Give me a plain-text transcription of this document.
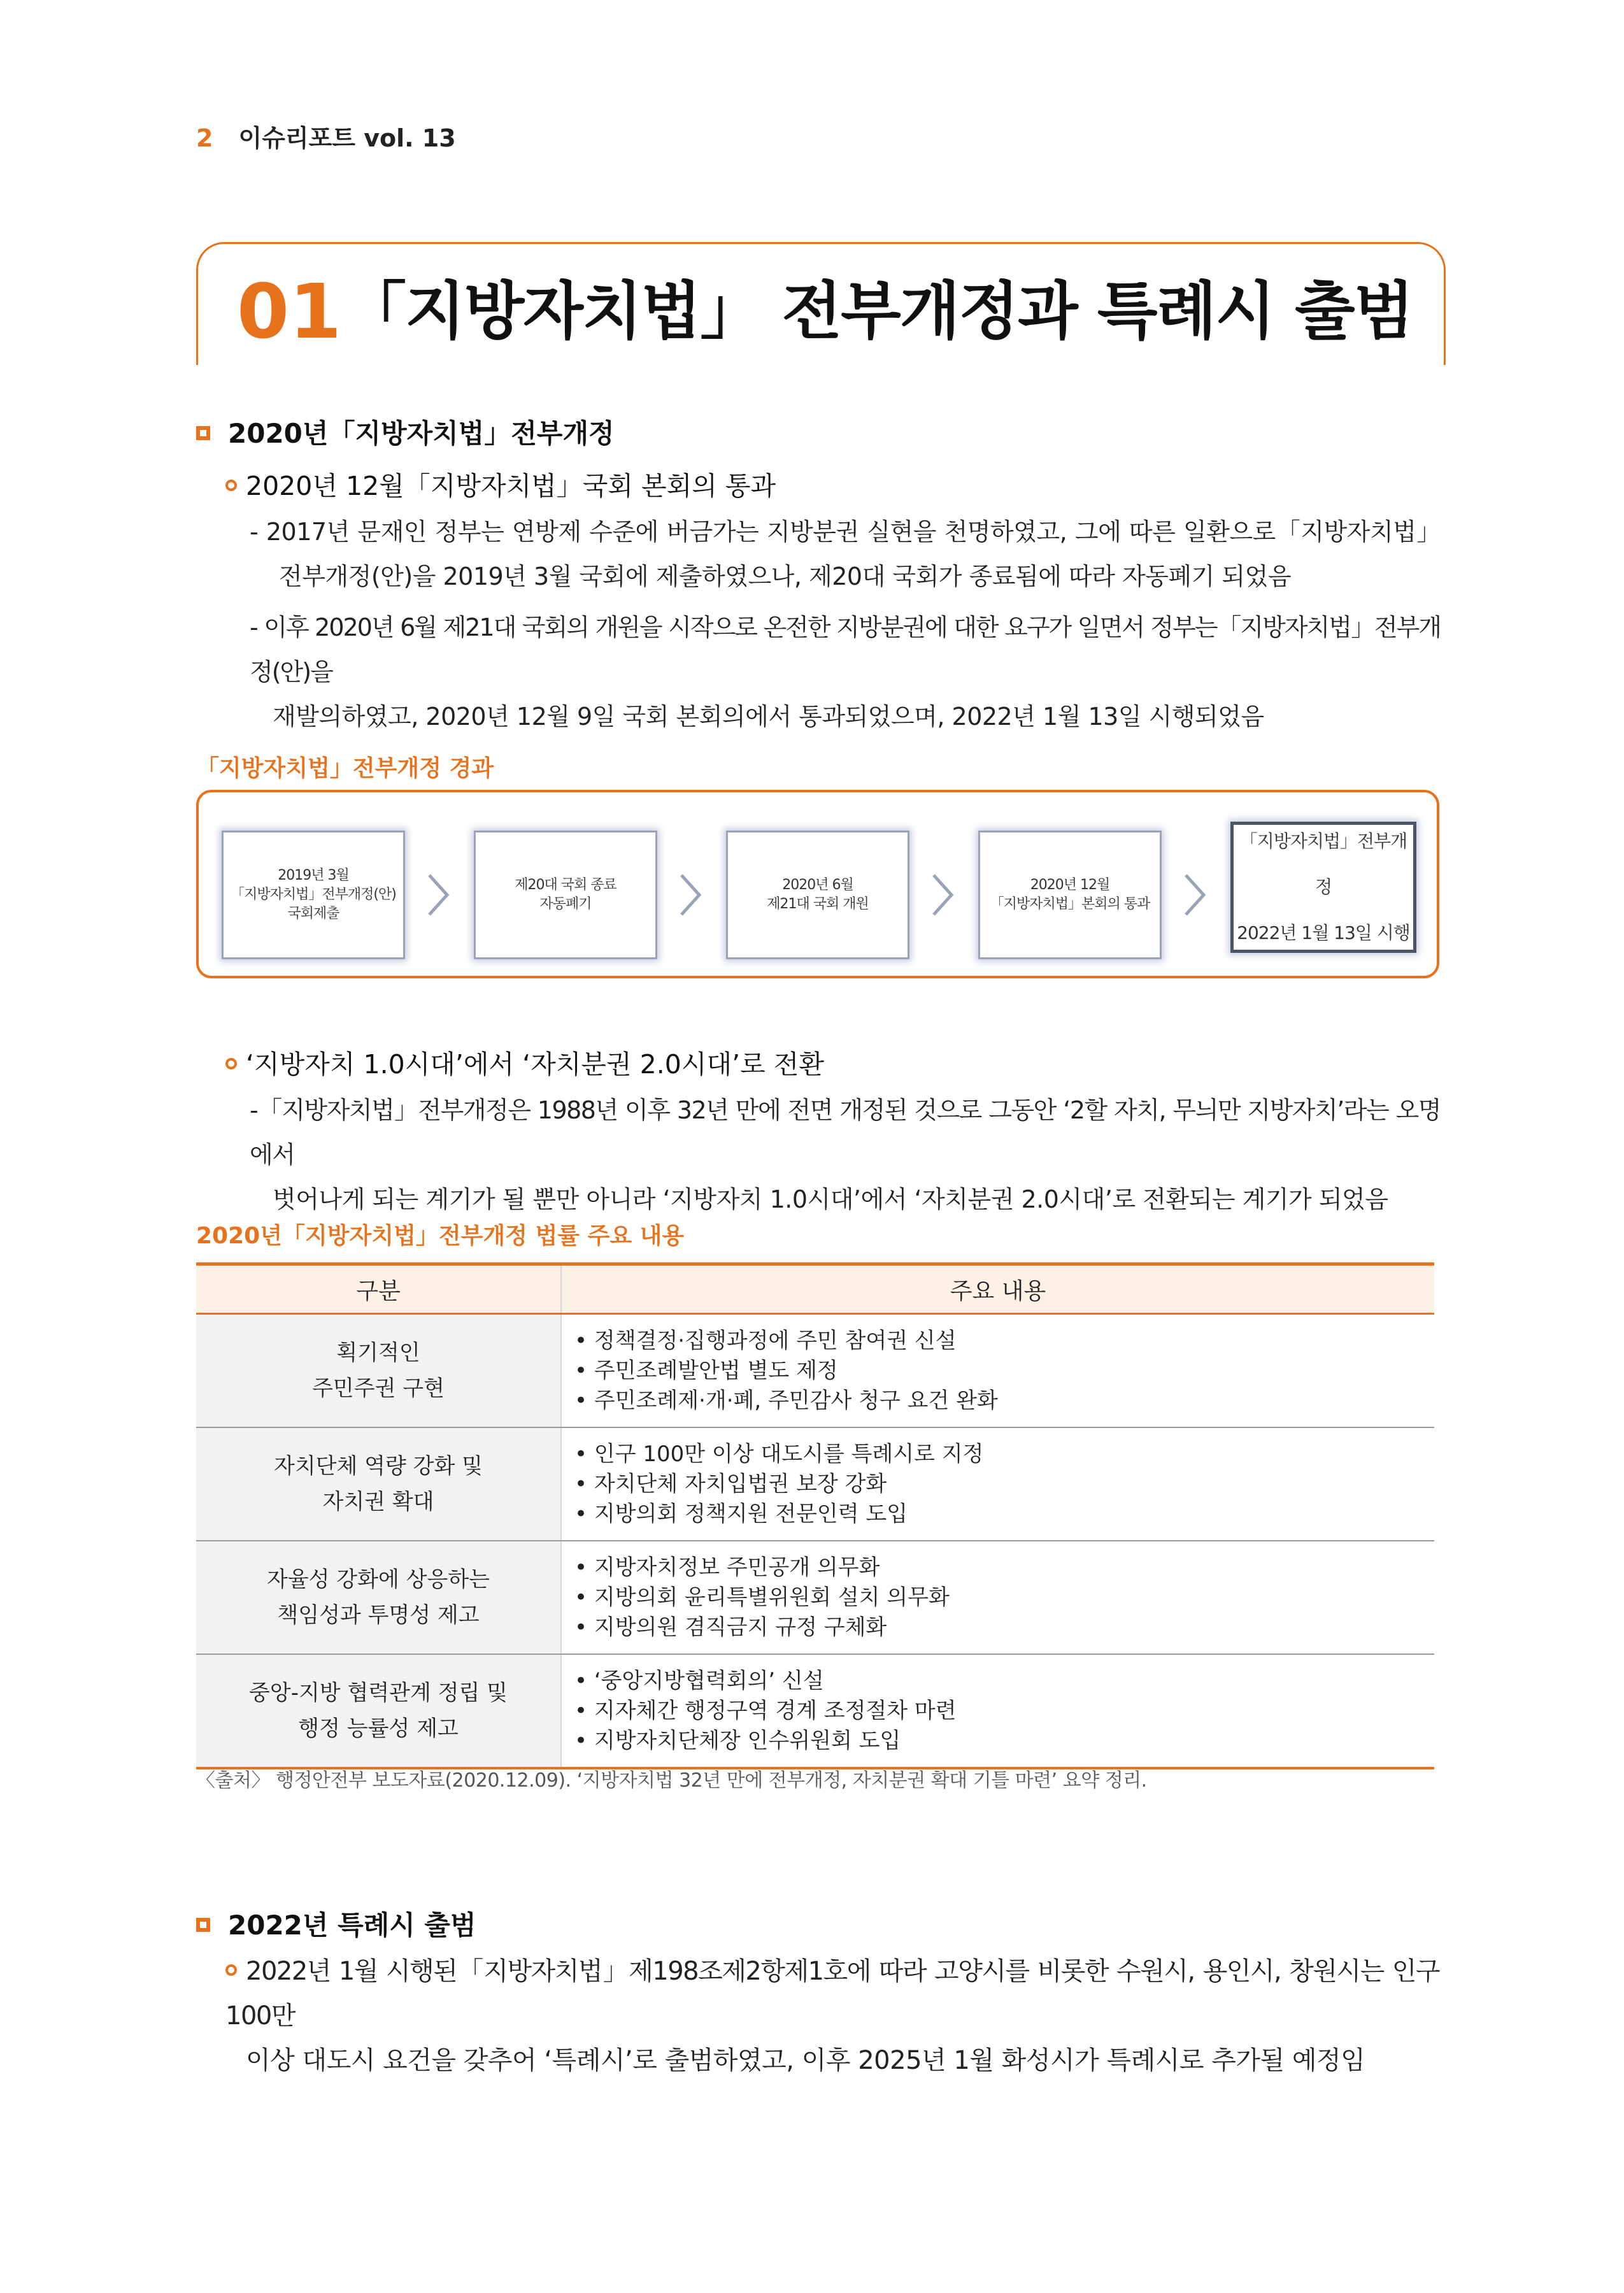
2 이슈리포트 vol. 13
01 「지방자치법」 전부개정과 특례시 출범
2020년「지방자치법」전부개정
2020년 12월「지방자치법」국회 본회의 통과
- 2017년 문재인 정부는 연방제 수준에 버금가는 지방분권 실현을 천명하였고, 그에 따른 일환으로「지방자치법」
전부개정(안)을 2019년 3월 국회에 제출하였으나, 제20대 국회가 종료됨에 따라 자동폐기 되었음
- 이후 2020년 6월 제21대 국회의 개원을 시작으로 온전한 지방분권에 대한 요구가 일면서 정부는「지방자치법」전부개정(안)을
재발의하였고, 2020년 12월 9일 국회 본회의에서 통과되었으며, 2022년 1월 13일 시행되었음
「지방자치법」전부개정 경과
2019년 3월
「지방자치법」전부개정(안)
국회제출
제20대 국회 종료
자동폐기
2020년 6월
제21대 국회 개원
2020년 12월
「지방자치법」본회의 통과
「지방자치법」전부개정
2022년 1월 13일 시행
‘지방자치 1.0시대’에서 ‘자치분권 2.0시대’로 전환
-「지방자치법」전부개정은 1988년 이후 32년 만에 전면 개정된 것으로 그동안 ‘2할 자치, 무늬만 지방자치’라는 오명에서
벗어나게 되는 계기가 될 뿐만 아니라 ‘지방자치 1.0시대’에서 ‘자치분권 2.0시대’로 전환되는 계기가 되었음
2020년「지방자치법」전부개정 법률 주요 내용
구분	주요 내용
획기적인
주민주권 구현	• 정책결정·집행과정에 주민 참여권 신설
• 주민조례발안법 별도 제정
• 주민조례제·개·폐, 주민감사 청구 요건 완화

자치단체 역량 강화 및
자치권 확대	• 인구 100만 이상 대도시를 특례시로 지정
• 자치단체 자치입법권 보장 강화
• 지방의회 정책지원 전문인력 도입

자율성 강화에 상응하는
책임성과 투명성 제고	• 지방자치정보 주민공개 의무화
• 지방의회 윤리특별위원회 설치 의무화
• 지방의원 겸직금지 규정 구체화

중앙-지방 협력관계 정립 및
행정 능률성 제고	• ‘중앙지방협력회의’ 신설
• 지자체간 행정구역 경계 조정절차 마련
• 지방자치단체장 인수위원회 도입
〈출처〉 행정안전부 보도자료(2020.12.09). ‘지방자치법 32년 만에 전부개정, 자치분권 확대 기틀 마련’ 요약 정리.
2022년 특례시 출범
2022년 1월 시행된「지방자치법」제198조제2항제1호에 따라 고양시를 비롯한 수원시, 용인시, 창원시는 인구 100만
이상 대도시 요건을 갖추어 ‘특례시’로 출범하였고, 이후 2025년 1월 화성시가 특례시로 추가될 예정임
